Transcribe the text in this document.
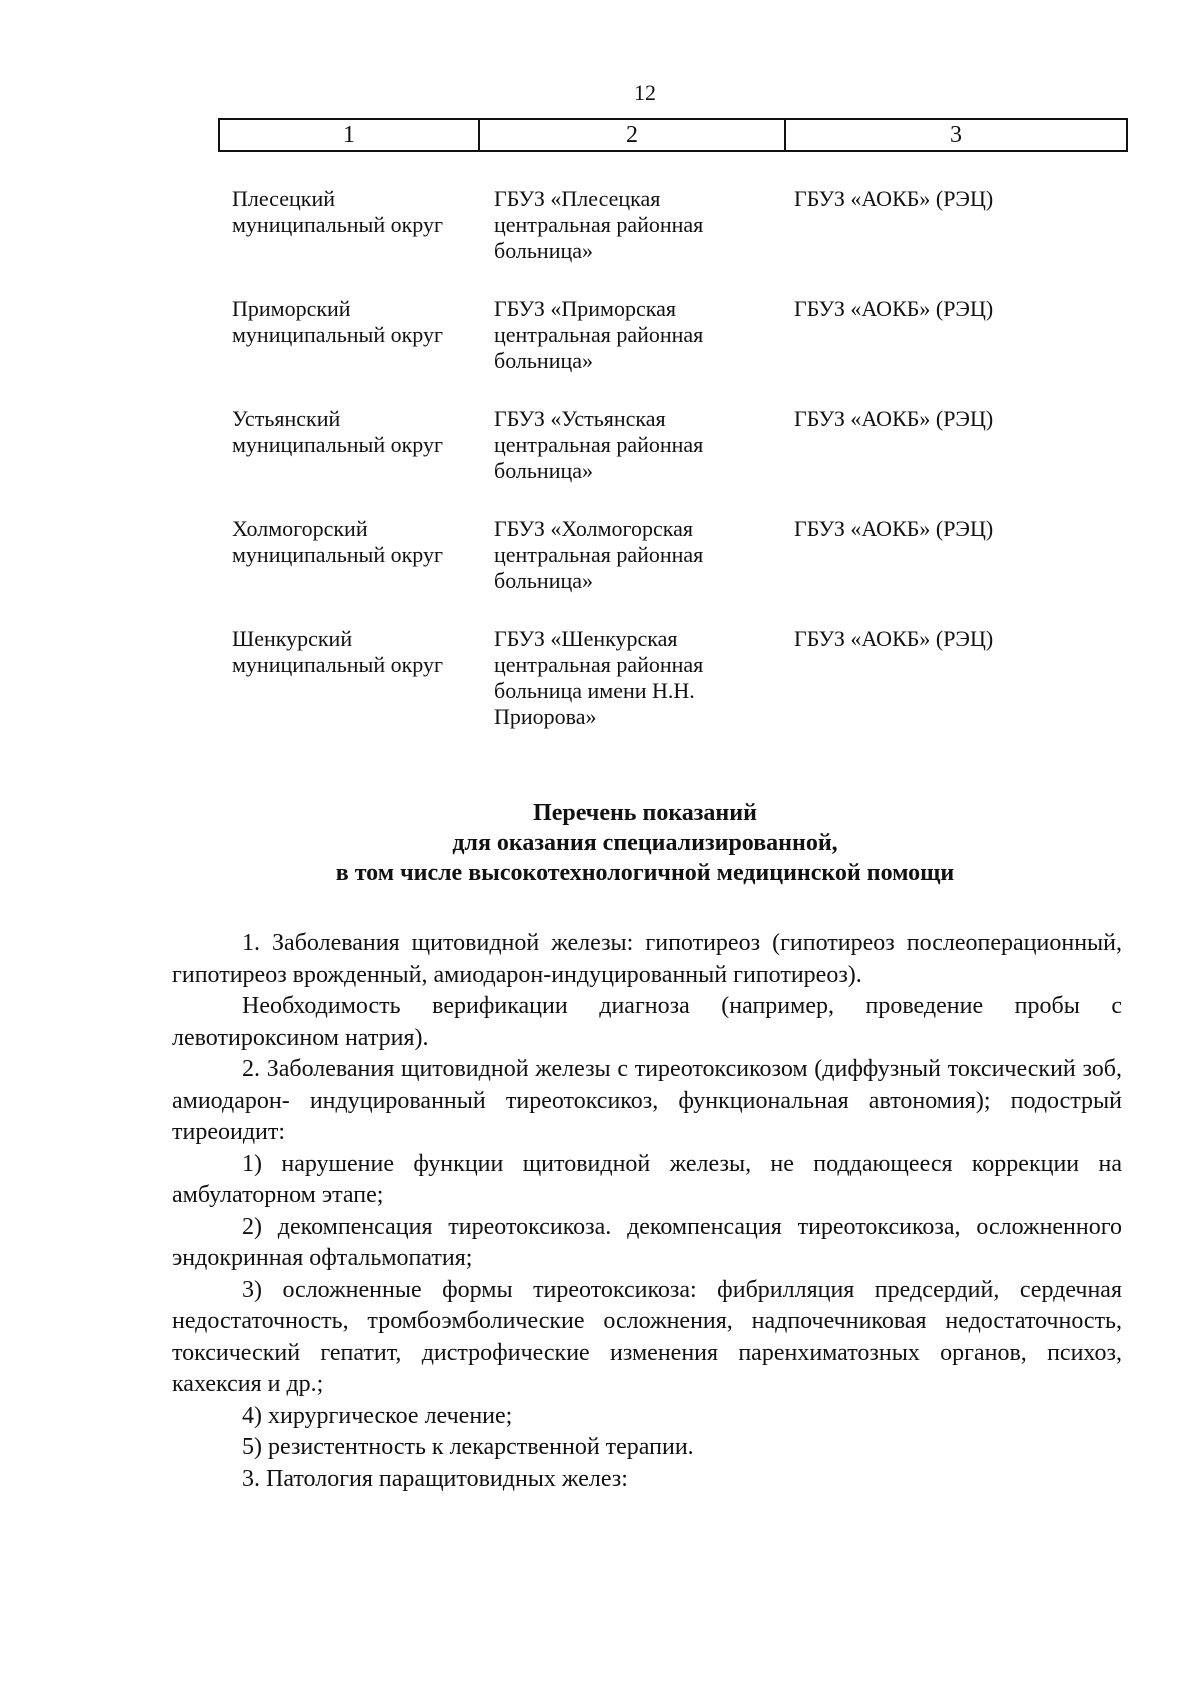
12
1	2	3
Плесецкий
муниципальный округ
ГБУЗ «Плесецкая
центральная районная
больница»
ГБУЗ «АОКБ» (РЭЦ)
Приморский
муниципальный округ
ГБУЗ «Приморская
центральная районная
больница»
ГБУЗ «АОКБ» (РЭЦ)
Устьянский
муниципальный округ
ГБУЗ «Устьянская
центральная районная
больница»
ГБУЗ «АОКБ» (РЭЦ)
Холмогорский
муниципальный округ
ГБУЗ «Холмогорская
центральная районная
больница»
ГБУЗ «АОКБ» (РЭЦ)
Шенкурский
муниципальный округ
ГБУЗ «Шенкурская
центральная районная
больница имени Н.Н.
Приорова»
ГБУЗ «АОКБ» (РЭЦ)
Перечень показаний
для оказания специализированной,
в том числе высокотехнологичной медицинской помощи

1. Заболевания щитовидной железы: гипотиреоз (гипотиреоз послеоперационный, гипотиреоз врожденный, амиодарон-индуцированный гипотиреоз).

Необходимость верификации диагноза (например, проведение пробы с левотироксином натрия).

2. Заболевания щитовидной железы с тиреотоксикозом (диффузный токсический зоб, амиодарон- индуцированный тиреотоксикоз, функциональная автономия); подострый тиреоидит:

1) нарушение функции щитовидной железы, не поддающееся коррекции на амбулаторном этапе;

2) декомпенсация тиреотоксикоза. декомпенсация тиреотоксикоза, осложненного эндокринная офтальмопатия;

3) осложненные формы тиреотоксикоза: фибрилляция предсердий, сердечная недостаточность, тромбоэмболические осложнения, надпочечниковая недостаточность, токсический гепатит, дистрофические изменения паренхиматозных органов, психоз, кахексия и др.;

4) хирургическое лечение;

5) резистентность к лекарственной терапии.

3. Патология паращитовидных желез:
